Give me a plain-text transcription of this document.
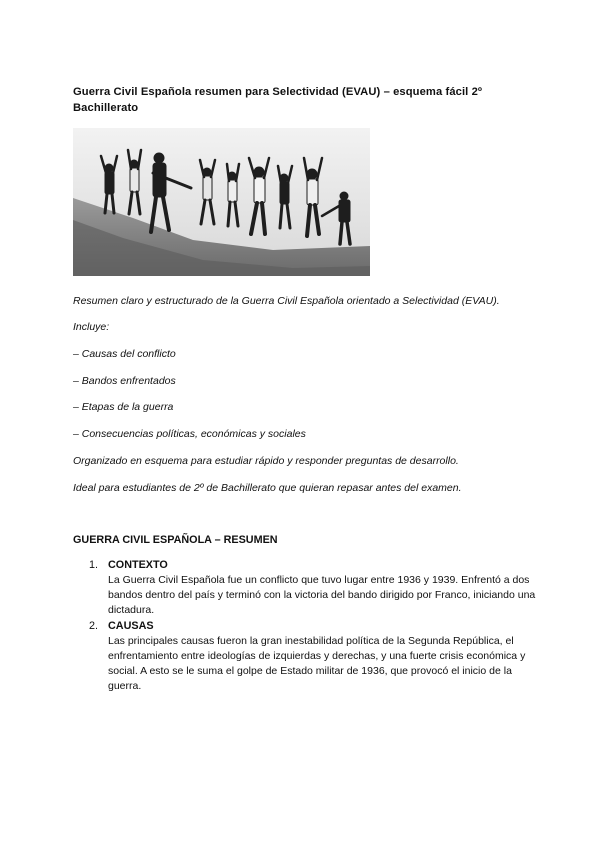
Guerra Civil Española resumen para Selectividad (EVAU) – esquema fácil 2º Bachillerato

Resumen claro y estructurado de la Guerra Civil Española orientado a Selectividad (EVAU).

Incluye:

– Causas del conflicto

– Bandos enfrentados

– Etapas de la guerra

– Consecuencias políticas, económicas y sociales

Organizado en esquema para estudiar rápido y responder preguntas de desarrollo.

Ideal para estudiantes de 2º de Bachillerato que quieran repasar antes del examen.

GUERRA CIVIL ESPAÑOLA – RESUMEN
1. CONTEXTO
La Guerra Civil Española fue un conflicto que tuvo lugar entre 1936 y 1939. Enfrentó a dos bandos dentro del país y terminó con la victoria del bando dirigido por Franco, iniciando una dictadura.
2. CAUSAS
Las principales causas fueron la gran inestabilidad política de la Segunda República, el enfrentamiento entre ideologías de izquierdas y derechas, y una fuerte crisis económica y social. A esto se le suma el golpe de Estado militar de 1936, que provocó el inicio de la guerra.
